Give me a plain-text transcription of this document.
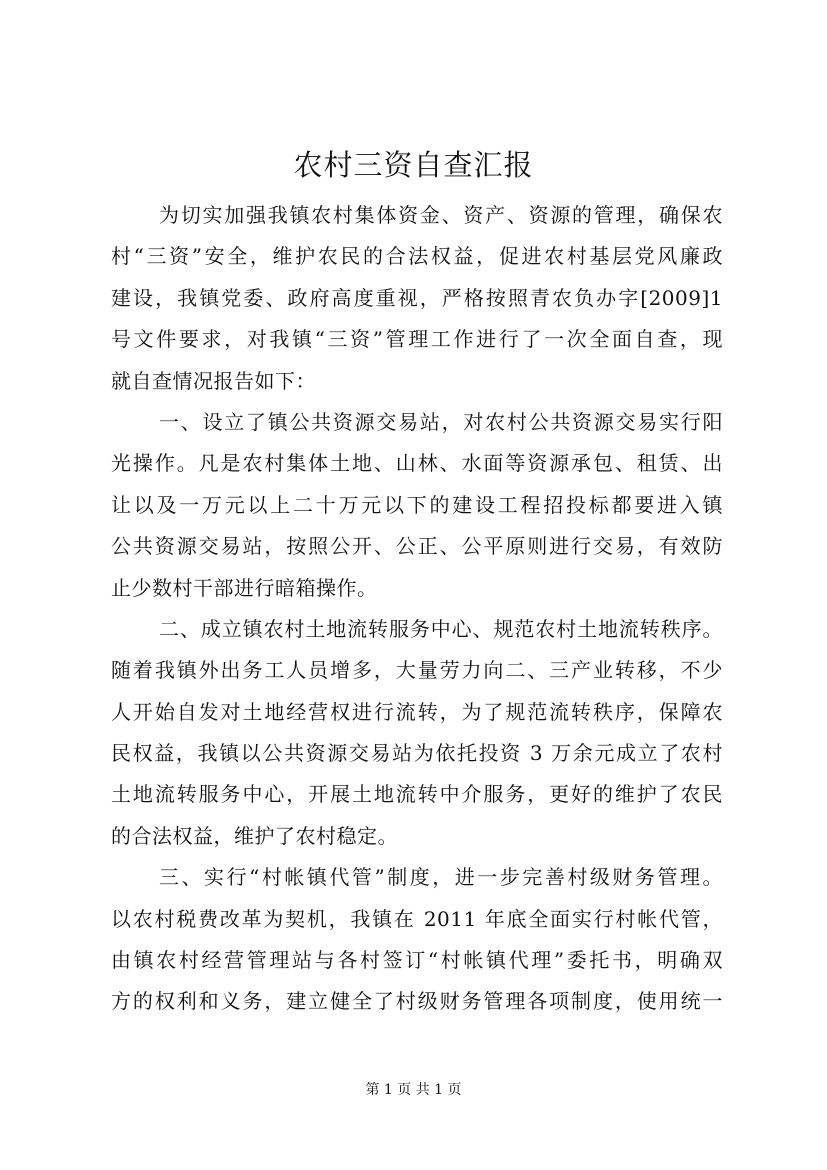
农村三资自查汇报
为切实加强我镇农村集体资金、资产、资源的管理，确保农
村“三资”安全，维护农民的合法权益，促进农村基层党风廉政
建设，我镇党委、政府高度重视，严格按照青农负办字[2009]1
号文件要求，对我镇“三资”管理工作进行了一次全面自查，现
就自查情况报告如下：
一、设立了镇公共资源交易站，对农村公共资源交易实行阳
光操作。凡是农村集体土地、山林、水面等资源承包、租赁、出
让以及一万元以上二十万元以下的建设工程招投标都要进入镇
公共资源交易站，按照公开、公正、公平原则进行交易，有效防
止少数村干部进行暗箱操作。
二、成立镇农村土地流转服务中心、规范农村土地流转秩序。
随着我镇外出务工人员增多，大量劳力向二、三产业转移，不少
人开始自发对土地经营权进行流转，为了规范流转秩序，保障农
民权益，我镇以公共资源交易站为依托投资 3 万余元成立了农村
土地流转服务中心，开展土地流转中介服务，更好的维护了农民
的合法权益，维护了农村稳定。
三、实行“村帐镇代管”制度，进一步完善村级财务管理。
以农村税费改革为契机，我镇在 2011 年底全面实行村帐代管，
由镇农村经营管理站与各村签订“村帐镇代理”委托书，明确双
方的权利和义务，建立健全了村级财务管理各项制度，使用统一
第 1 页 共 1 页
